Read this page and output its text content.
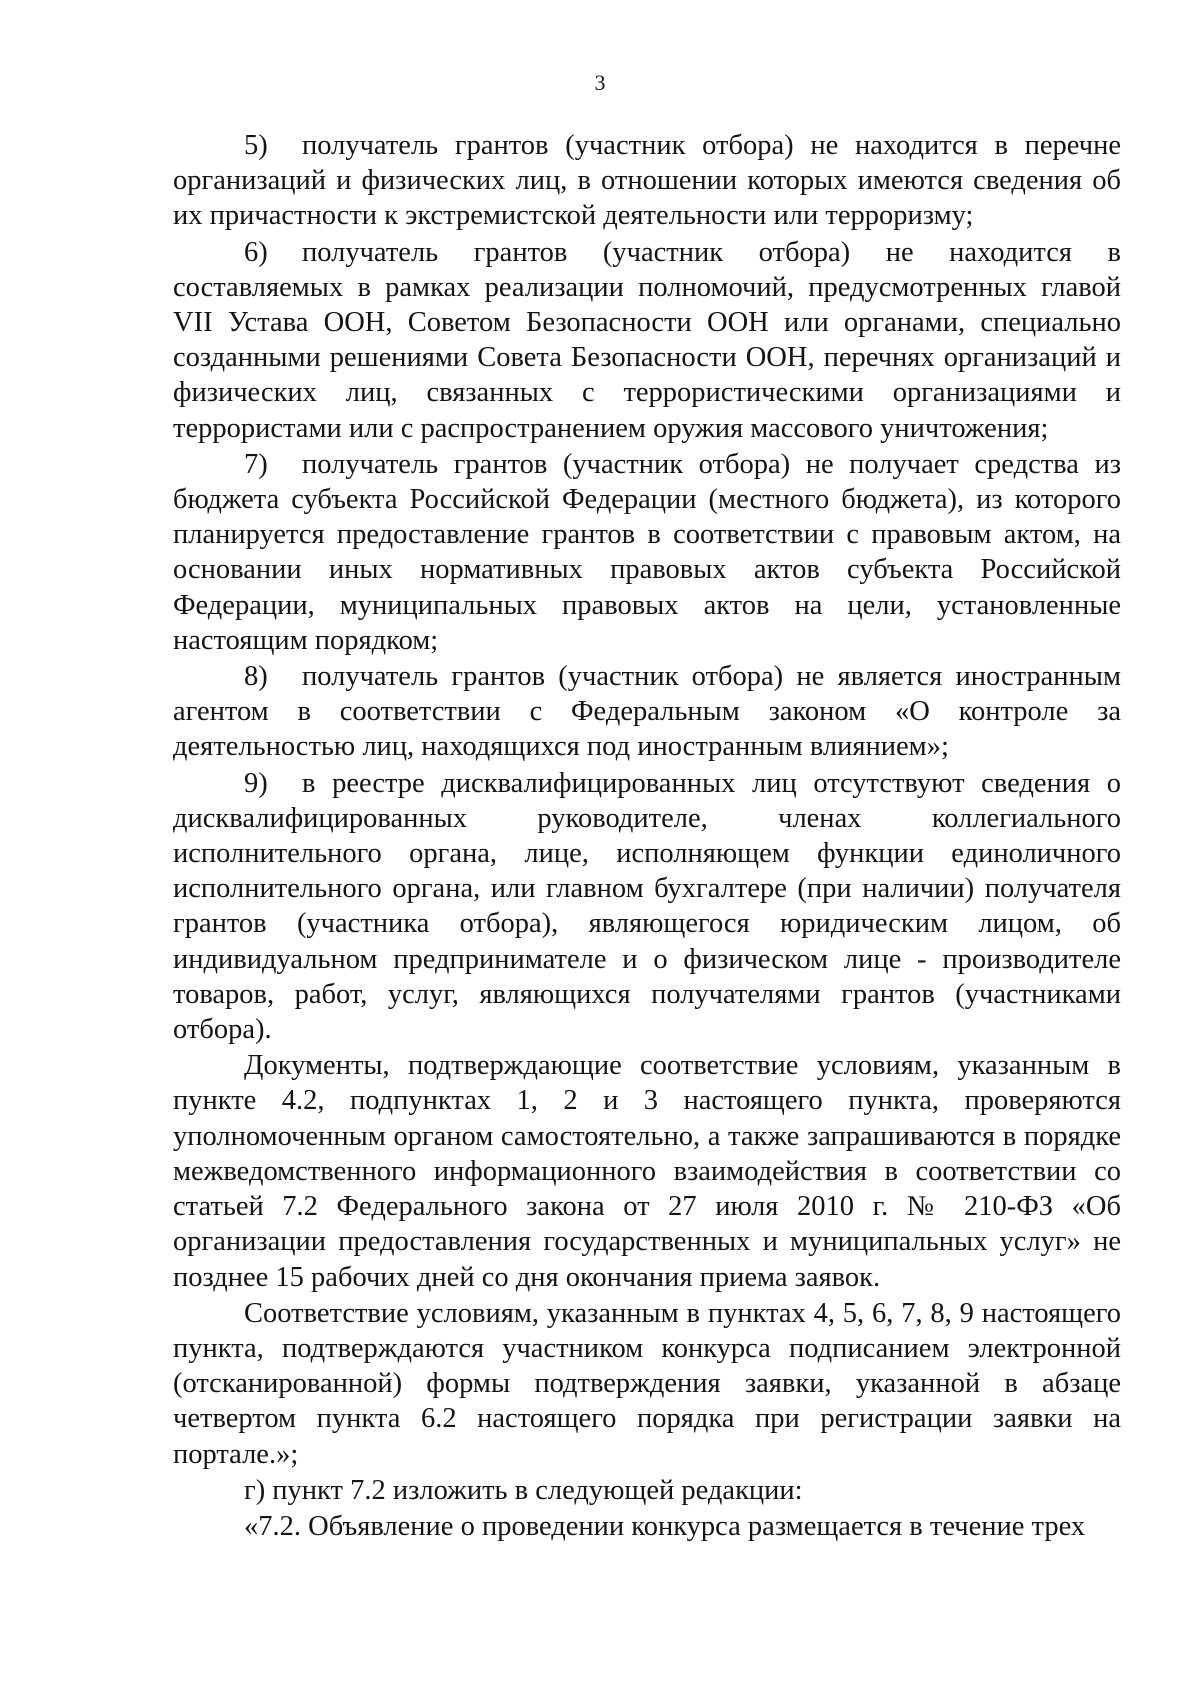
3

5) получатель грантов (участник отбора) не находится в перечне организаций и физических лиц, в отношении которых имеются сведения об их причастности к экстремистской деятельности или терроризму;

6) получатель грантов (участник отбора) не находится в составляемых в рамках реализации полномочий, предусмотренных главой VII Устава ООН, Советом Безопасности ООН или органами, специально созданными решениями Совета Безопасности ООН, перечнях организаций и физических лиц, связанных с террористическими организациями и террористами или с распространением оружия массового уничтожения;

7) получатель грантов (участник отбора) не получает средства из бюджета субъекта Российской Федерации (местного бюджета), из которого планируется предоставление грантов в соответствии с правовым актом, на основании иных нормативных правовых актов субъекта Российской Федерации, муниципальных правовых актов на цели, установленные настоящим порядком;

8) получатель грантов (участник отбора) не является иностранным агентом в соответствии с Федеральным законом «О контроле за деятельностью лиц, находящихся под иностранным влиянием»;

9) в реестре дисквалифицированных лиц отсутствуют сведения о дисквалифицированных руководителе, членах коллегиального исполнительного органа, лице, исполняющем функции единоличного исполнительного органа, или главном бухгалтере (при наличии) получателя грантов (участника отбора), являющегося юридическим лицом, об индивидуальном предпринимателе и о физическом лице - производителе товаров, работ, услуг, являющихся получателями грантов (участниками отбора).

Документы, подтверждающие соответствие условиям, указанным в пункте 4.2, подпунктах 1, 2 и 3 настоящего пункта, проверяются уполномоченным органом самостоятельно, а также запрашиваются в порядке межведомственного информационного взаимодействия в соответствии со статьей 7.2 Федерального закона от 27 июля 2010 г. № 210-ФЗ «Об организации предоставления государственных и муниципальных услуг» не позднее 15 рабочих дней со дня окончания приема заявок.

Соответствие условиям, указанным в пунктах 4, 5, 6, 7, 8, 9 настоящего пункта, подтверждаются участником конкурса подписанием электронной (отсканированной) формы подтверждения заявки, указанной в абзаце четвертом пункта 6.2 настоящего порядка при регистрации заявки на портале.»;

г) пункт 7.2 изложить в следующей редакции:

«7.2. Объявление о проведении конкурса размещается в течение трех
